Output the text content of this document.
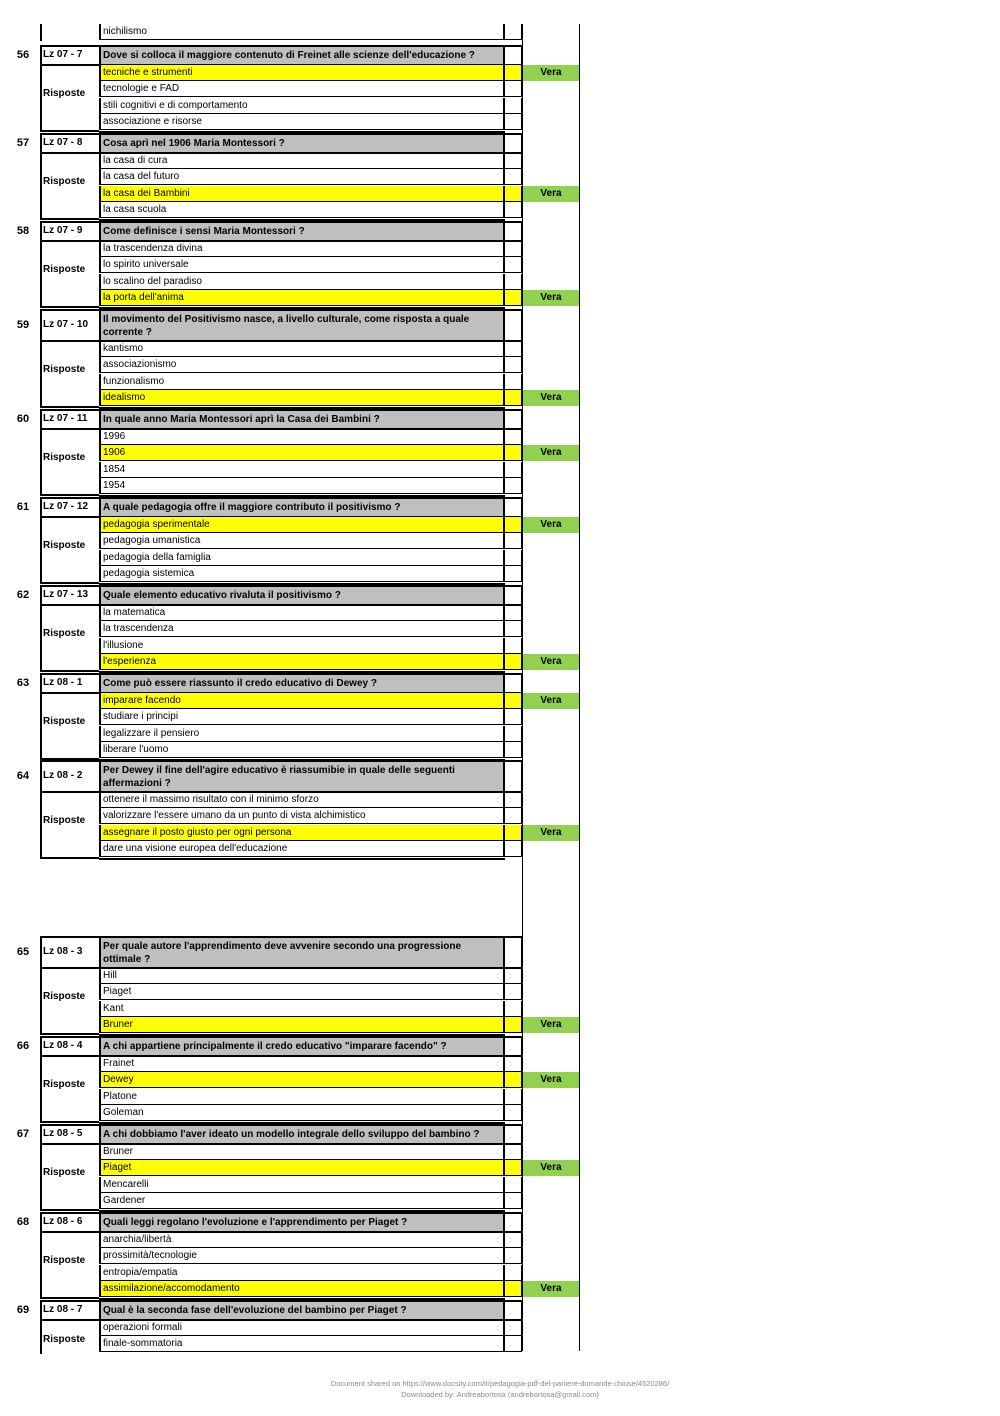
nichilismo
Document shared on https://www.docsity.com/it/pedagogia-pdf-del-paniere-domande-chiuse/4520286/
Downloaded by: Andreabortosa (andrebortosa@gmail.com)
56	Lz 07 - 7	Dove si colloca il maggiore contenuto di Freinet alle scienze dell'educazione ?
Risposte
tecniche e strumenti	Vera
tecnologie e FAD
stili cognitivi e di comportamento
associazione e risorse
57	Lz 07 - 8	Cosa aprì nel 1906 Maria Montessori ?
Risposte
la casa di cura
la casa del futuro
la casa dei Bambini	Vera
la casa scuola
58	Lz 07 - 9	Come definisce i sensi Maria Montessori ?
Risposte
la trascendenza divina
lo spirito universale
lo scalino del paradiso
la porta dell'anima	Vera
59	Lz 07 - 10	Il movimento del Positivismo nasce, a livello culturale, come risposta a quale corrente ?
Risposte
kantismo
associazionismo
funzionalismo
idealismo	Vera
60	Lz 07 - 11	In quale anno Maria Montessori aprì la Casa dei Bambini ?
Risposte
1996
1906	Vera
1854
1954
61	Lz 07 - 12	A quale pedagogia offre il maggiore contributo il positivismo ?
Risposte
pedagogia sperimentale	Vera
pedagogia umanistica
pedagogia della famiglia
pedagogia sistemica
62	Lz 07 - 13	Quale elemento educativo rivaluta il positivismo ?
Risposte
la matematica
la trascendenza
l'illusione
l'esperienza	Vera
63	Lz 08 - 1	Come può essere riassunto il credo educativo di Dewey ?
Risposte
imparare facendo	Vera
studiare i principi
legalizzare il pensiero
liberare l'uomo
64	Lz 08 - 2	Per Dewey il fine dell'agire educativo è riassumibie in quale delle seguenti affermazioni ?
Risposte
ottenere il massimo risultato con il minimo sforzo
valorizzare l'essere umano da un punto di vista alchimistico
assegnare il posto giusto per ogni persona	Vera
dare una visione europea dell'educazione
65	Lz 08 - 3	Per quale autore l'apprendimento deve avvenire secondo una progressione ottimale ?
Risposte
Hill
Piaget
Kant
Bruner	Vera
66	Lz 08 - 4	A chi appartiene principalmente il credo educativo "imparare facendo" ?
Risposte
Frainet
Dewey	Vera
Platone
Goleman
67	Lz 08 - 5	A chi dobbiamo l'aver ideato un modello integrale dello sviluppo del bambino ?
Risposte
Bruner
Piaget	Vera
Mencarelli
Gardener
68	Lz 08 - 6	Quali leggi regolano l'evoluzione e l'apprendimento per Piaget ?
Risposte
anarchia/libertà
prossimità/tecnologie
entropia/empatia
assimilazione/accomodamento	Vera
69	Lz 08 - 7	Qual è la seconda fase dell'evoluzione del bambino per Piaget ?
Risposte
operazioni formali
finale-sommatoria
